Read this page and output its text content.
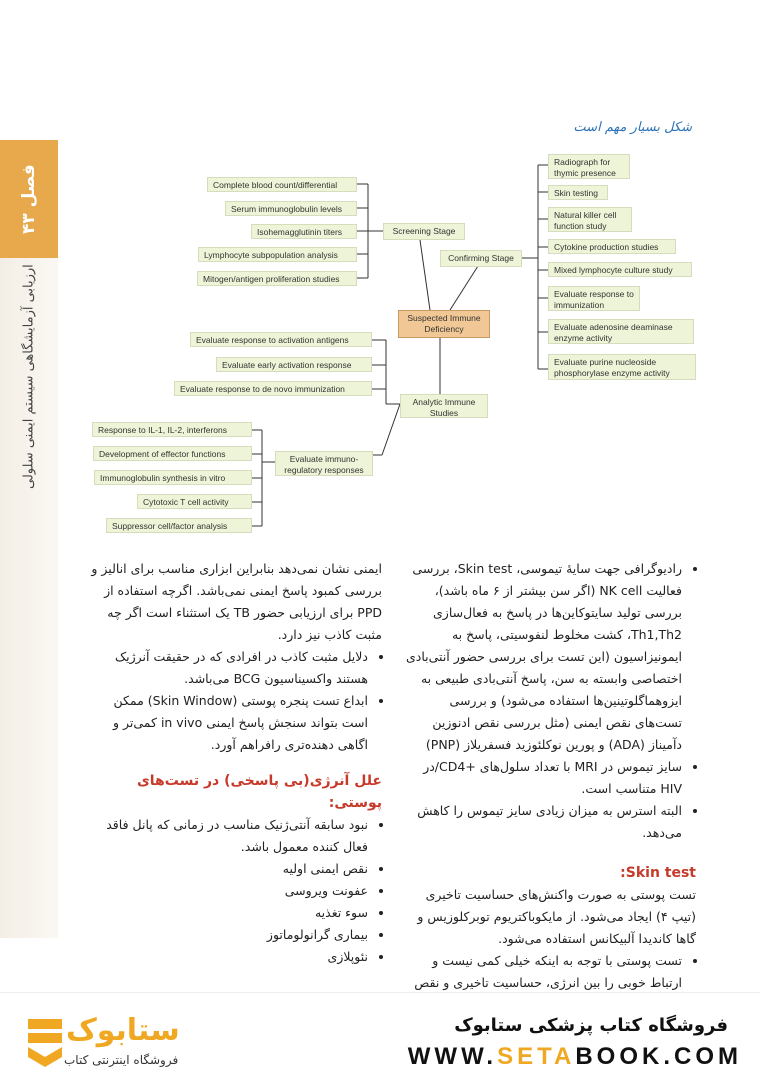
فصل ۴۳
ارزیابی آزمایشگاهی سیستم ایمنی سلولی
شکل بسیار مهم است
Suspected Immune Deficiency
Screening Stage
Complete blood count/differential
Serum immunoglobulin levels
Isohemagglutinin titers
Lymphocyte subpopulation analysis
Mitogen/antigen proliferation studies
Confirming Stage
Radiograph for thymic presence
Skin testing
Natural killer cell function study
Cytokine production studies
Mixed lymphocyte culture study
Evaluate response to immunization
Evaluate adenosine deaminase enzyme activity
Evaluate purine nucleoside phosphorylase enzyme activity
Analytic Immune Studies
Evaluate response to activation antigens
Evaluate early activation response
Evaluate response to de novo immunization
Evaluate immuno-regulatory responses
Response to IL-1, IL-2, interferons
Development of effector functions
Immunoglobulin synthesis in vitro
Cytotoxic T cell activity
Suppressor cell/factor analysis
• رادیوگرافی جهت سایهٔ تیموسی، Skin test، بررسی فعالیت NK cell (اگر سن بیشتر از ۶ ماه باشد)، بررسی تولید سایتوکاین‌ها در پاسخ به فعال‌سازی Th1,Th2، کشت مخلوط لنفوسیتی، پاسخ به ایمونیزاسیون (این تست برای بررسی حضور آنتی‌بادی اختصاصی وابسته به سن، پاسخ آنتی‌بادی طبیعی به ایزوهماگلوتینین‌ها استفاده می‌شود) و بررسی تست‌های نقص ایمنی (مثل بررسی نقص ادنوزین دآمیناز (ADA) و پورین نوکلئوزید فسفریلاز (PNP)
• سایز تیموس در MRI با تعداد سلول‌های +CD4/در HIV متناسب است.
• البته استرس به میزان زیادی سایز تیموس را کاهش می‌دهد.
Skin test:

تست پوستی به صورت واکنش‌های حساسیت تاخیری (تیپ ۴) ایجاد می‌شود. از مایکوباکتریوم توبرکلوزیس و گاها کاندیدا آلبیکانس استفاده می‌شود.

• تست پوستی با توجه به اینکه خیلی کمی نیست و ارتباط خوبی را بین انرژی، حساسیت تاخیری و نقص

ایمنی نشان نمی‌دهد بنابراین ابزاری مناسب برای انالیز و بررسی کمبود پاسخ ایمنی نمی‌باشد. اگرچه استفاده از PPD برای ارزیابی حضور TB یک استثناء است اگر چه مثبت کاذب نیز دارد.

• دلایل مثبت کاذب در افرادی که در حقیقت آنرژیک هستند واکسیناسیون BCG می‌باشد.
• ابداع تست پنجره پوستی (Skin Window) ممکن است بتواند سنجش پاسخ ایمنی in vivo کمی‌تر و اگاهی دهنده‌تری رافراهم آورد.
علل آنرژی(بی پاسخی) در تست‌های پوستی:
• نبود سابقه آنتی‌ژنیک مناسب در زمانی که پانل فاقد فعال کننده معمول باشد.
• نقص ایمنی اولیه
• عفونت ویروسی
• سوء تغذیه
• بیماری گرانولوماتوز
• نئوپلازی
ستابوک
فروشگاه اینترنتی کتاب
فروشگاه کتاب پزشکی ستابوک
WWW.SETABOOK.COM
